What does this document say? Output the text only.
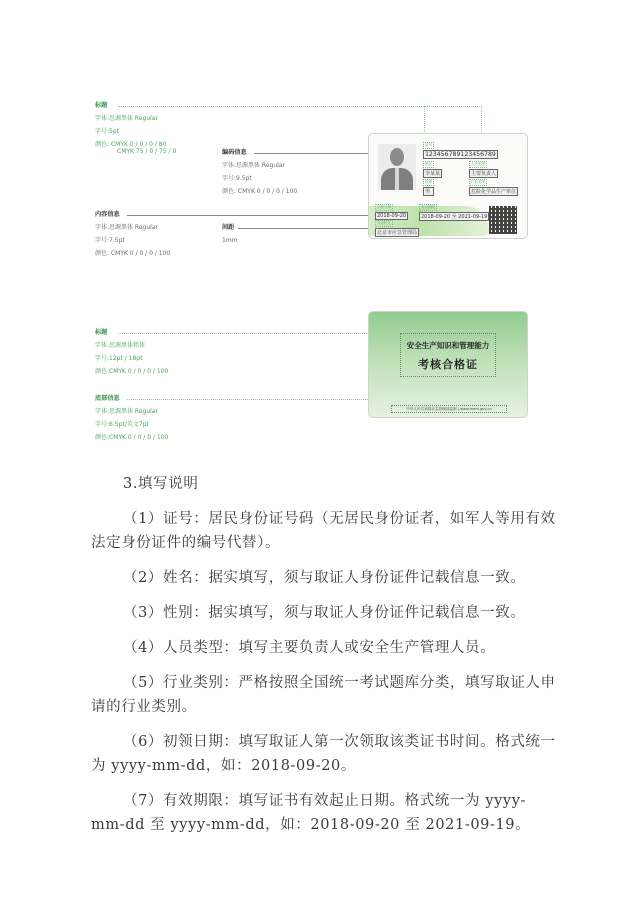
标题
字体:思源黑体 Regular
字号:5pt
颜色: CMYK 0 / 0 / 0 / 80
CMYK 75 / 0 / 75 / 0	编码信息
字体:思源黑体 Regular
字号:9.5pt
颜色: CMYK 0 / 0 / 0 / 100
间距
1mm
内容信息
字体:思源黑体 Regular
字号:7.5pt
颜色: CMYK 0 / 0 / 0 / 100
证号
123456789123456789
姓名
李某某
人员类型
主要负责人
性别
男
行业类别
危险化学品生产单位
初领日期
2018-09-20
有效期限
2018-09-20 至 2021-09-19
发证机关
北京市应急管理局
标题
字体:思源黑体粗体
字号:12pt / 18pt
颜色:CMYK 0 / 0 / 0 / 100
底部信息
字体:思源黑体 Regular
字号:6.5pt/英文7pt
颜色:CMYK 0 / 0 / 0 / 100
安全生产知识和管理能力
考核合格证
中华人民共和国应急管理部监制 | www.mem.gov.cn
3.填写说明

（1）证号：居民身份证号码（无居民身份证者，如军人等用有效法定身份证件的编号代替）。

（2）姓名：据实填写，须与取证人身份证件记载信息一致。

（3）性别：据实填写，须与取证人身份证件记载信息一致。

（4）人员类型：填写主要负责人或安全生产管理人员。

（5）行业类别：严格按照全国统一考试题库分类，填写取证人申请的行业类别。

（6）初领日期：填写取证人第一次领取该类证书时间。格式统一为 yyyy-mm-dd，如：2018-09-20。

（7）有效期限：填写证书有效起止日期。格式统一为 yyyy-mm-dd 至 yyyy-mm-dd，如：2018-09-20 至 2021-09-19。
